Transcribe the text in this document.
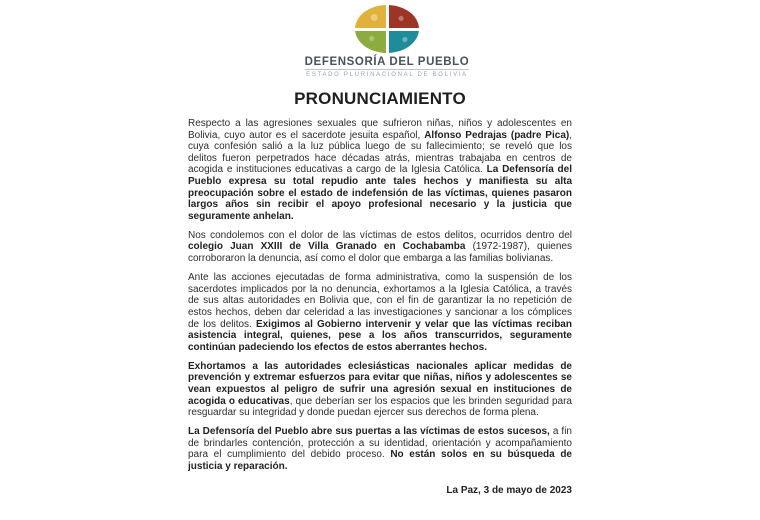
DEFENSORÍA DEL PUEBLO
ESTADO PLURINACIONAL DE BOLIVIA
PRONUNCIAMIENTO

Respecto a las agresiones sexuales que sufrieron niñas, niños y adolescentes en Bolivia, cuyo autor es el sacerdote jesuita español, Alfonso Pedrajas (padre Pica), cuya confesión salió a la luz pública luego de su fallecimiento; se reveló que los delitos fueron perpetrados hace décadas atrás, mientras trabajaba en centros de acogida e instituciones educativas a cargo de la Iglesia Católica. La Defensoría del Pueblo expresa su total repudio ante tales hechos y manifiesta su alta preocupación sobre el estado de indefensión de las víctimas, quienes pasaron largos años sin recibir el apoyo profesional necesario y la justicia que seguramente anhelan.

Nos condolemos con el dolor de las víctimas de estos delitos, ocurridos dentro del colegio Juan XXIII de Villa Granado en Cochabamba (1972-1987), quienes corroboraron la denuncia, así como el dolor que embarga a las familias bolivianas.

Ante las acciones ejecutadas de forma administrativa, como la suspensión de los sacerdotes implicados por la no denuncia, exhortamos a la Iglesia Católica, a través de sus altas autoridades en Bolivia que, con el fin de garantizar la no repetición de estos hechos, deben dar celeridad a las investigaciones y sancionar a los cómplices de los delitos. Exigimos al Gobierno intervenir y velar que las víctimas reciban asistencia integral, quienes, pese a los años transcurridos, seguramente continúan padeciendo los efectos de estos aberrantes hechos.

Exhortamos a las autoridades eclesiásticas nacionales aplicar medidas de prevención y extremar esfuerzos para evitar que niñas, niños y adolescentes se vean expuestos al peligro de sufrir una agresión sexual en instituciones de acogida o educativas, que deberían ser los espacios que les brinden seguridad para resguardar su integridad y donde puedan ejercer sus derechos de forma plena.

La Defensoría del Pueblo abre sus puertas a las víctimas de estos sucesos, a fin de brindarles contención, protección a su identidad, orientación y acompañamiento para el cumplimiento del debido proceso. No están solos en su búsqueda de justicia y reparación.

La Paz, 3 de mayo de 2023
